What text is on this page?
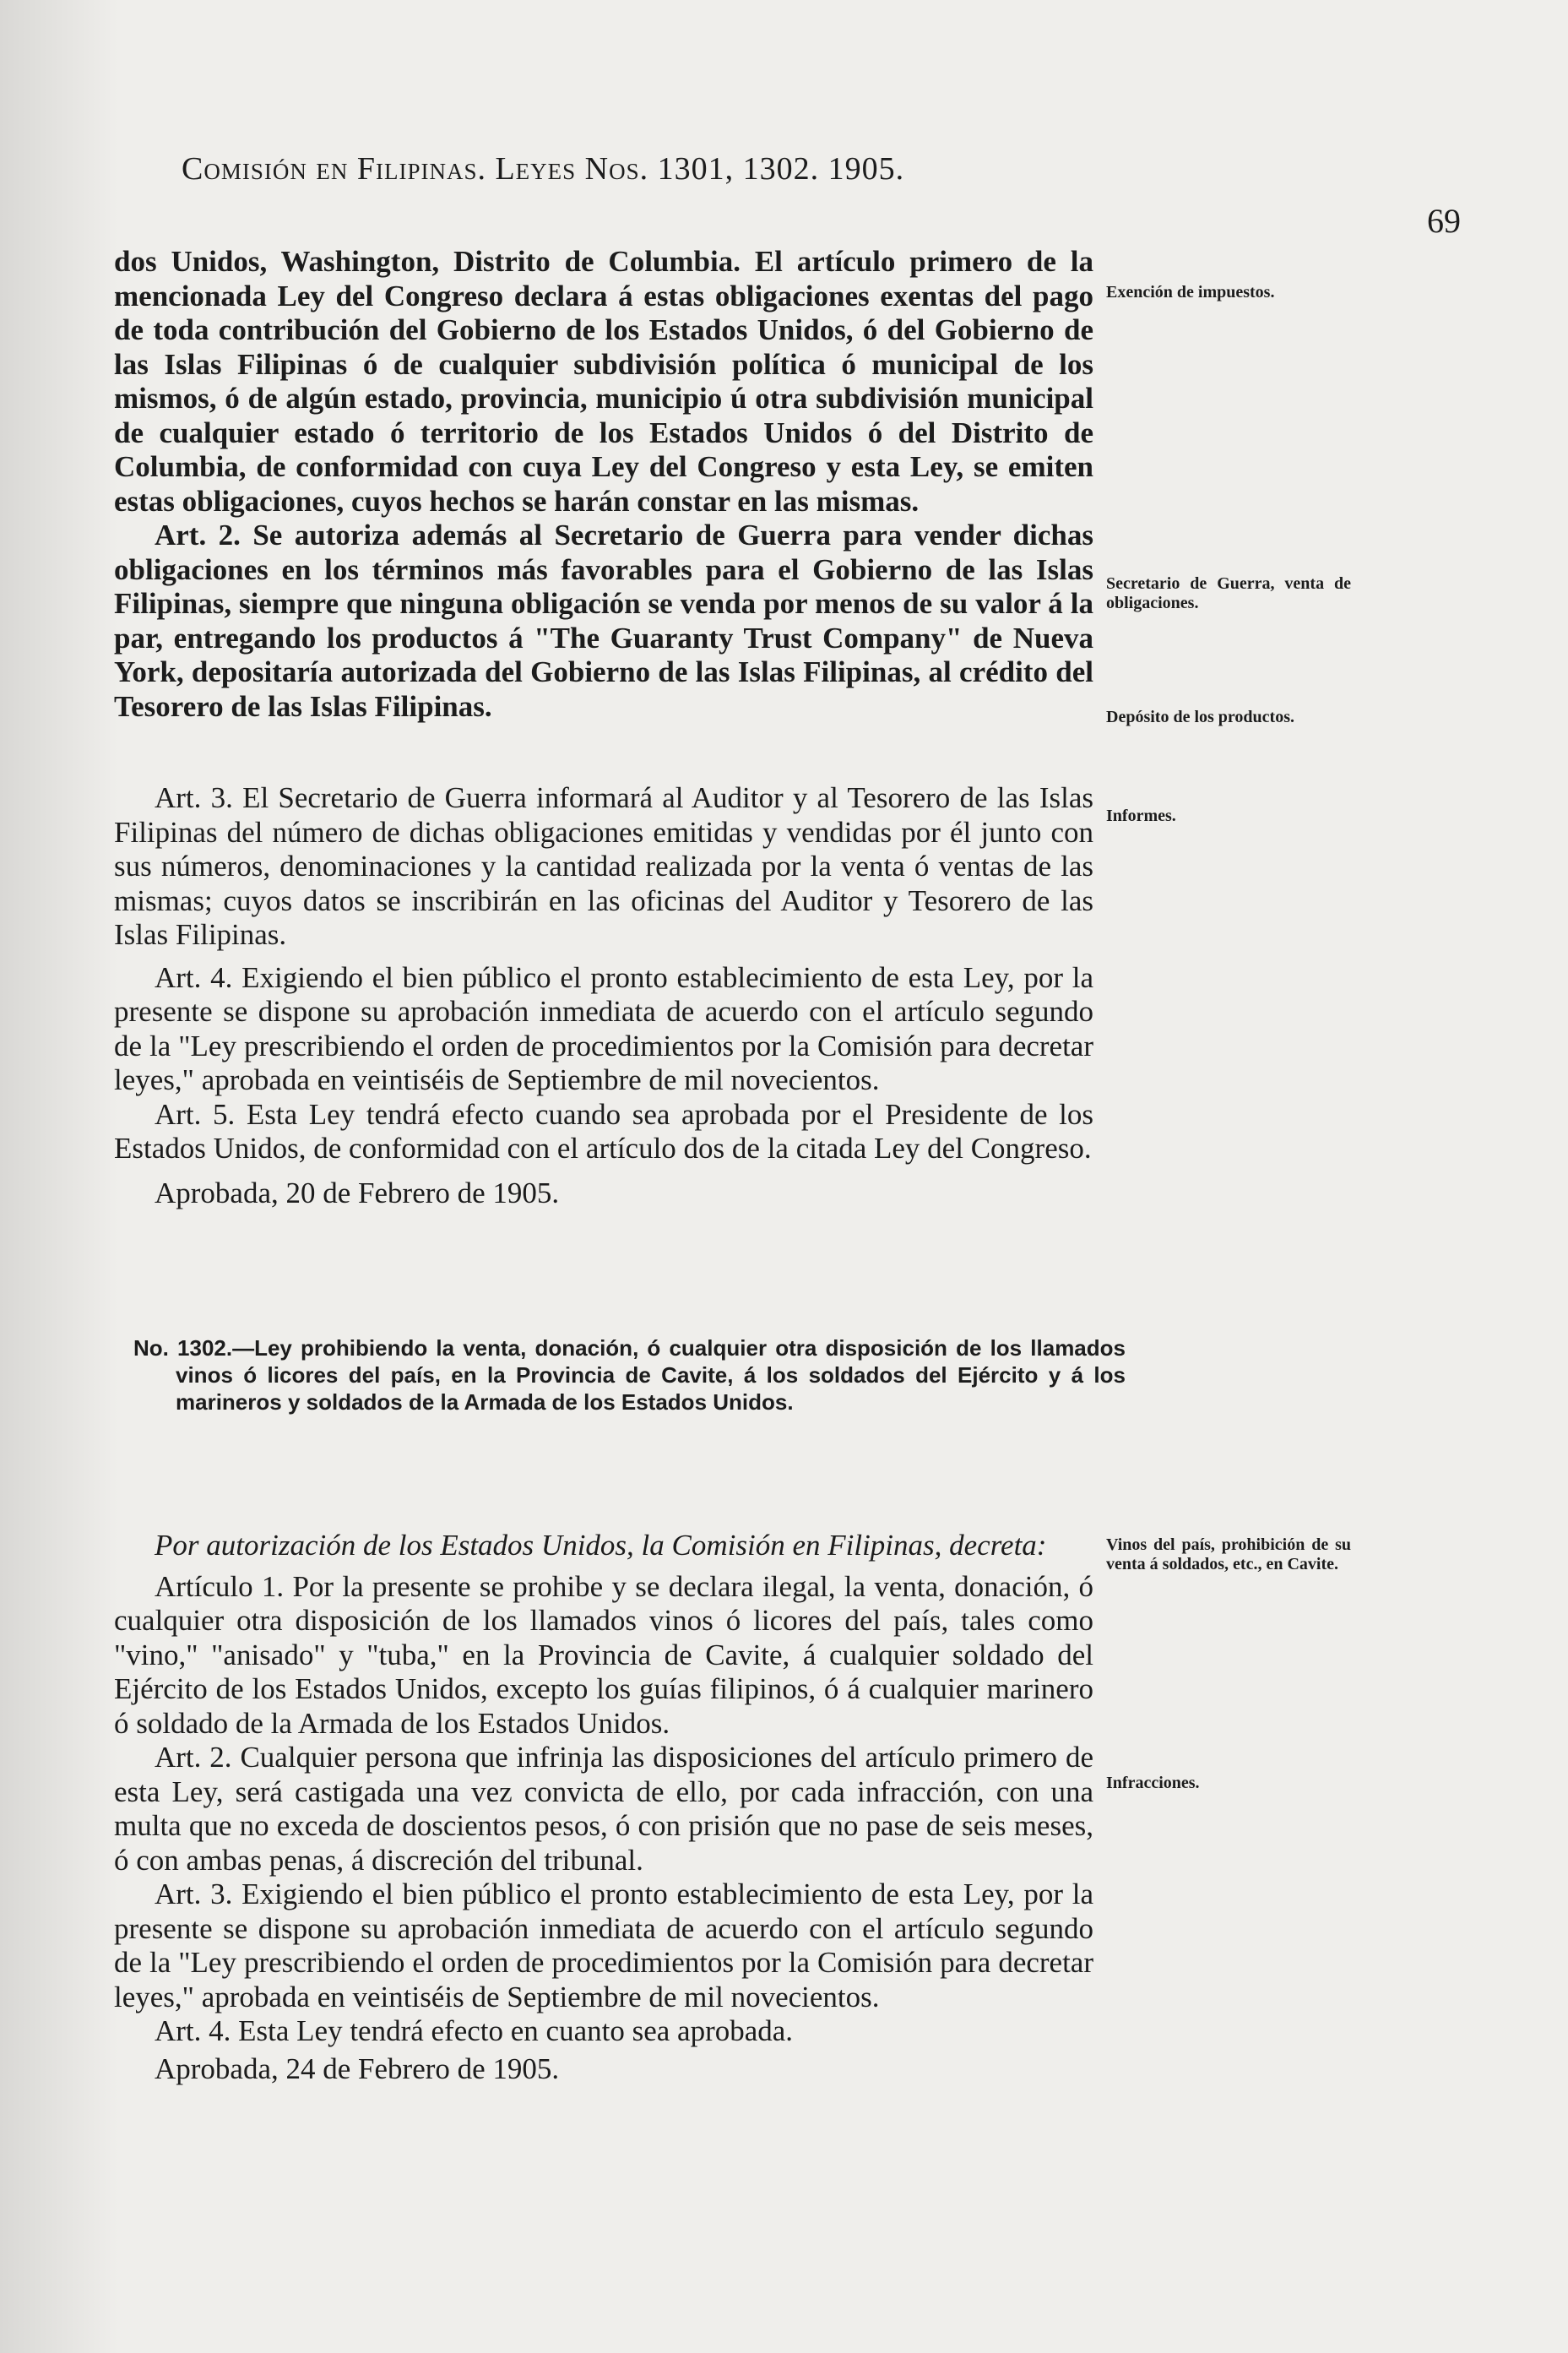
Comisión en Filipinas. Leyes Nos. 1301, 1302. 1905.
69

dos Unidos, Washington, Distrito de Columbia. El artículo primero de la mencionada Ley del Congreso declara á estas obligaciones exentas del pago de toda contribución del Gobierno de los Estados Unidos, ó del Gobierno de las Islas Filipinas ó de cualquier subdivisión política ó municipal de los mismos, ó de algún estado, provincia, municipio ú otra subdivisión municipal de cualquier estado ó territorio de los Estados Unidos ó del Distrito de Columbia, de conformidad con cuya Ley del Congreso y esta Ley, se emiten estas obligaciones, cuyos hechos se harán constar en las mismas.

Art. 2. Se autoriza además al Secretario de Guerra para vender dichas obligaciones en los términos más favorables para el Gobierno de las Islas Filipinas, siempre que ninguna obligación se venda por menos de su valor á la par, entregando los productos á "The Guaranty Trust Company" de Nueva York, depositaría autorizada del Gobierno de las Islas Filipinas, al crédito del Tesorero de las Islas Filipinas.

Art. 3. El Secretario de Guerra informará al Auditor y al Tesorero de las Islas Filipinas del número de dichas obligaciones emitidas y vendidas por él junto con sus números, denominaciones y la cantidad realizada por la venta ó ventas de las mismas; cuyos datos se inscribirán en las oficinas del Auditor y Tesorero de las Islas Filipinas.

Art. 4. Exigiendo el bien público el pronto establecimiento de esta Ley, por la presente se dispone su aprobación inmediata de acuerdo con el artículo segundo de la "Ley prescribiendo el orden de procedimientos por la Comisión para decretar leyes," aprobada en veintiséis de Septiembre de mil novecientos.

Art. 5. Esta Ley tendrá efecto cuando sea aprobada por el Presidente de los Estados Unidos, de conformidad con el artículo dos de la citada Ley del Congreso.

Aprobada, 20 de Febrero de 1905.

Exención de impuestos.
Secretario de Guerra, venta de obligaciones.
Depósito de los productos.
Informes.
Vinos del país, prohibición de su venta á soldados, etc., en Cavite.
Infracciones.
No. 1302.—Ley prohibiendo la venta, donación, ó cualquier otra disposición de los llamados vinos ó licores del país, en la Provincia de Cavite, á los soldados del Ejército y á los marineros y soldados de la Armada de los Estados Unidos.

Por autorización de los Estados Unidos, la Comisión en Filipinas, decreta:

Artículo 1. Por la presente se prohibe y se declara ilegal, la venta, donación, ó cualquier otra disposición de los llamados vinos ó licores del país, tales como "vino," "anisado" y "tuba," en la Provincia de Cavite, á cualquier soldado del Ejército de los Estados Unidos, excepto los guías filipinos, ó á cualquier marinero ó soldado de la Armada de los Estados Unidos.

Art. 2. Cualquier persona que infrinja las disposiciones del artículo primero de esta Ley, será castigada una vez convicta de ello, por cada infracción, con una multa que no exceda de doscientos pesos, ó con prisión que no pase de seis meses, ó con ambas penas, á discreción del tribunal.

Art. 3. Exigiendo el bien público el pronto establecimiento de esta Ley, por la presente se dispone su aprobación inmediata de acuerdo con el artículo segundo de la "Ley prescribiendo el orden de procedimientos por la Comisión para decretar leyes," aprobada en veintiséis de Septiembre de mil novecientos.

Art. 4. Esta Ley tendrá efecto en cuanto sea aprobada.

Aprobada, 24 de Febrero de 1905.
